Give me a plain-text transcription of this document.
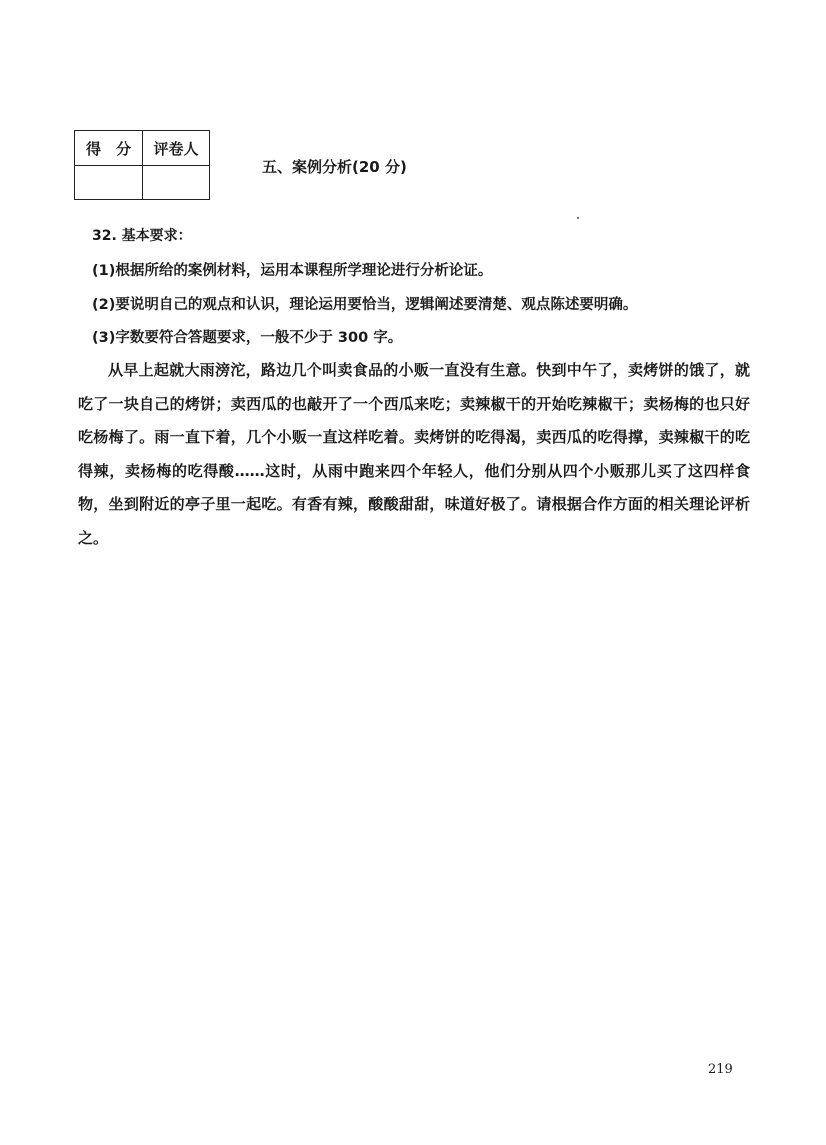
得　分	评卷人

五、案例分析(20 分)
32. 基本要求：
(1)根据所给的案例材料，运用本课程所学理论进行分析论证。
(2)要说明自己的观点和认识，理论运用要恰当，逻辑阐述要清楚、观点陈述要明确。
(3)字数要符合答题要求，一般不少于 300 字。

从早上起就大雨滂沱，路边几个叫卖食品的小贩一直没有生意。快到中午了，卖烤饼的饿了，就吃了一块自己的烤饼；卖西瓜的也敲开了一个西瓜来吃；卖辣椒干的开始吃辣椒干；卖杨梅的也只好吃杨梅了。雨一直下着，几个小贩一直这样吃着。卖烤饼的吃得渴，卖西瓜的吃得撑，卖辣椒干的吃得辣，卖杨梅的吃得酸……这时，从雨中跑来四个年轻人，他们分别从四个小贩那儿买了这四样食物，坐到附近的亭子里一起吃。有香有辣，酸酸甜甜，味道好极了。请根据合作方面的相关理论评析之。

219
